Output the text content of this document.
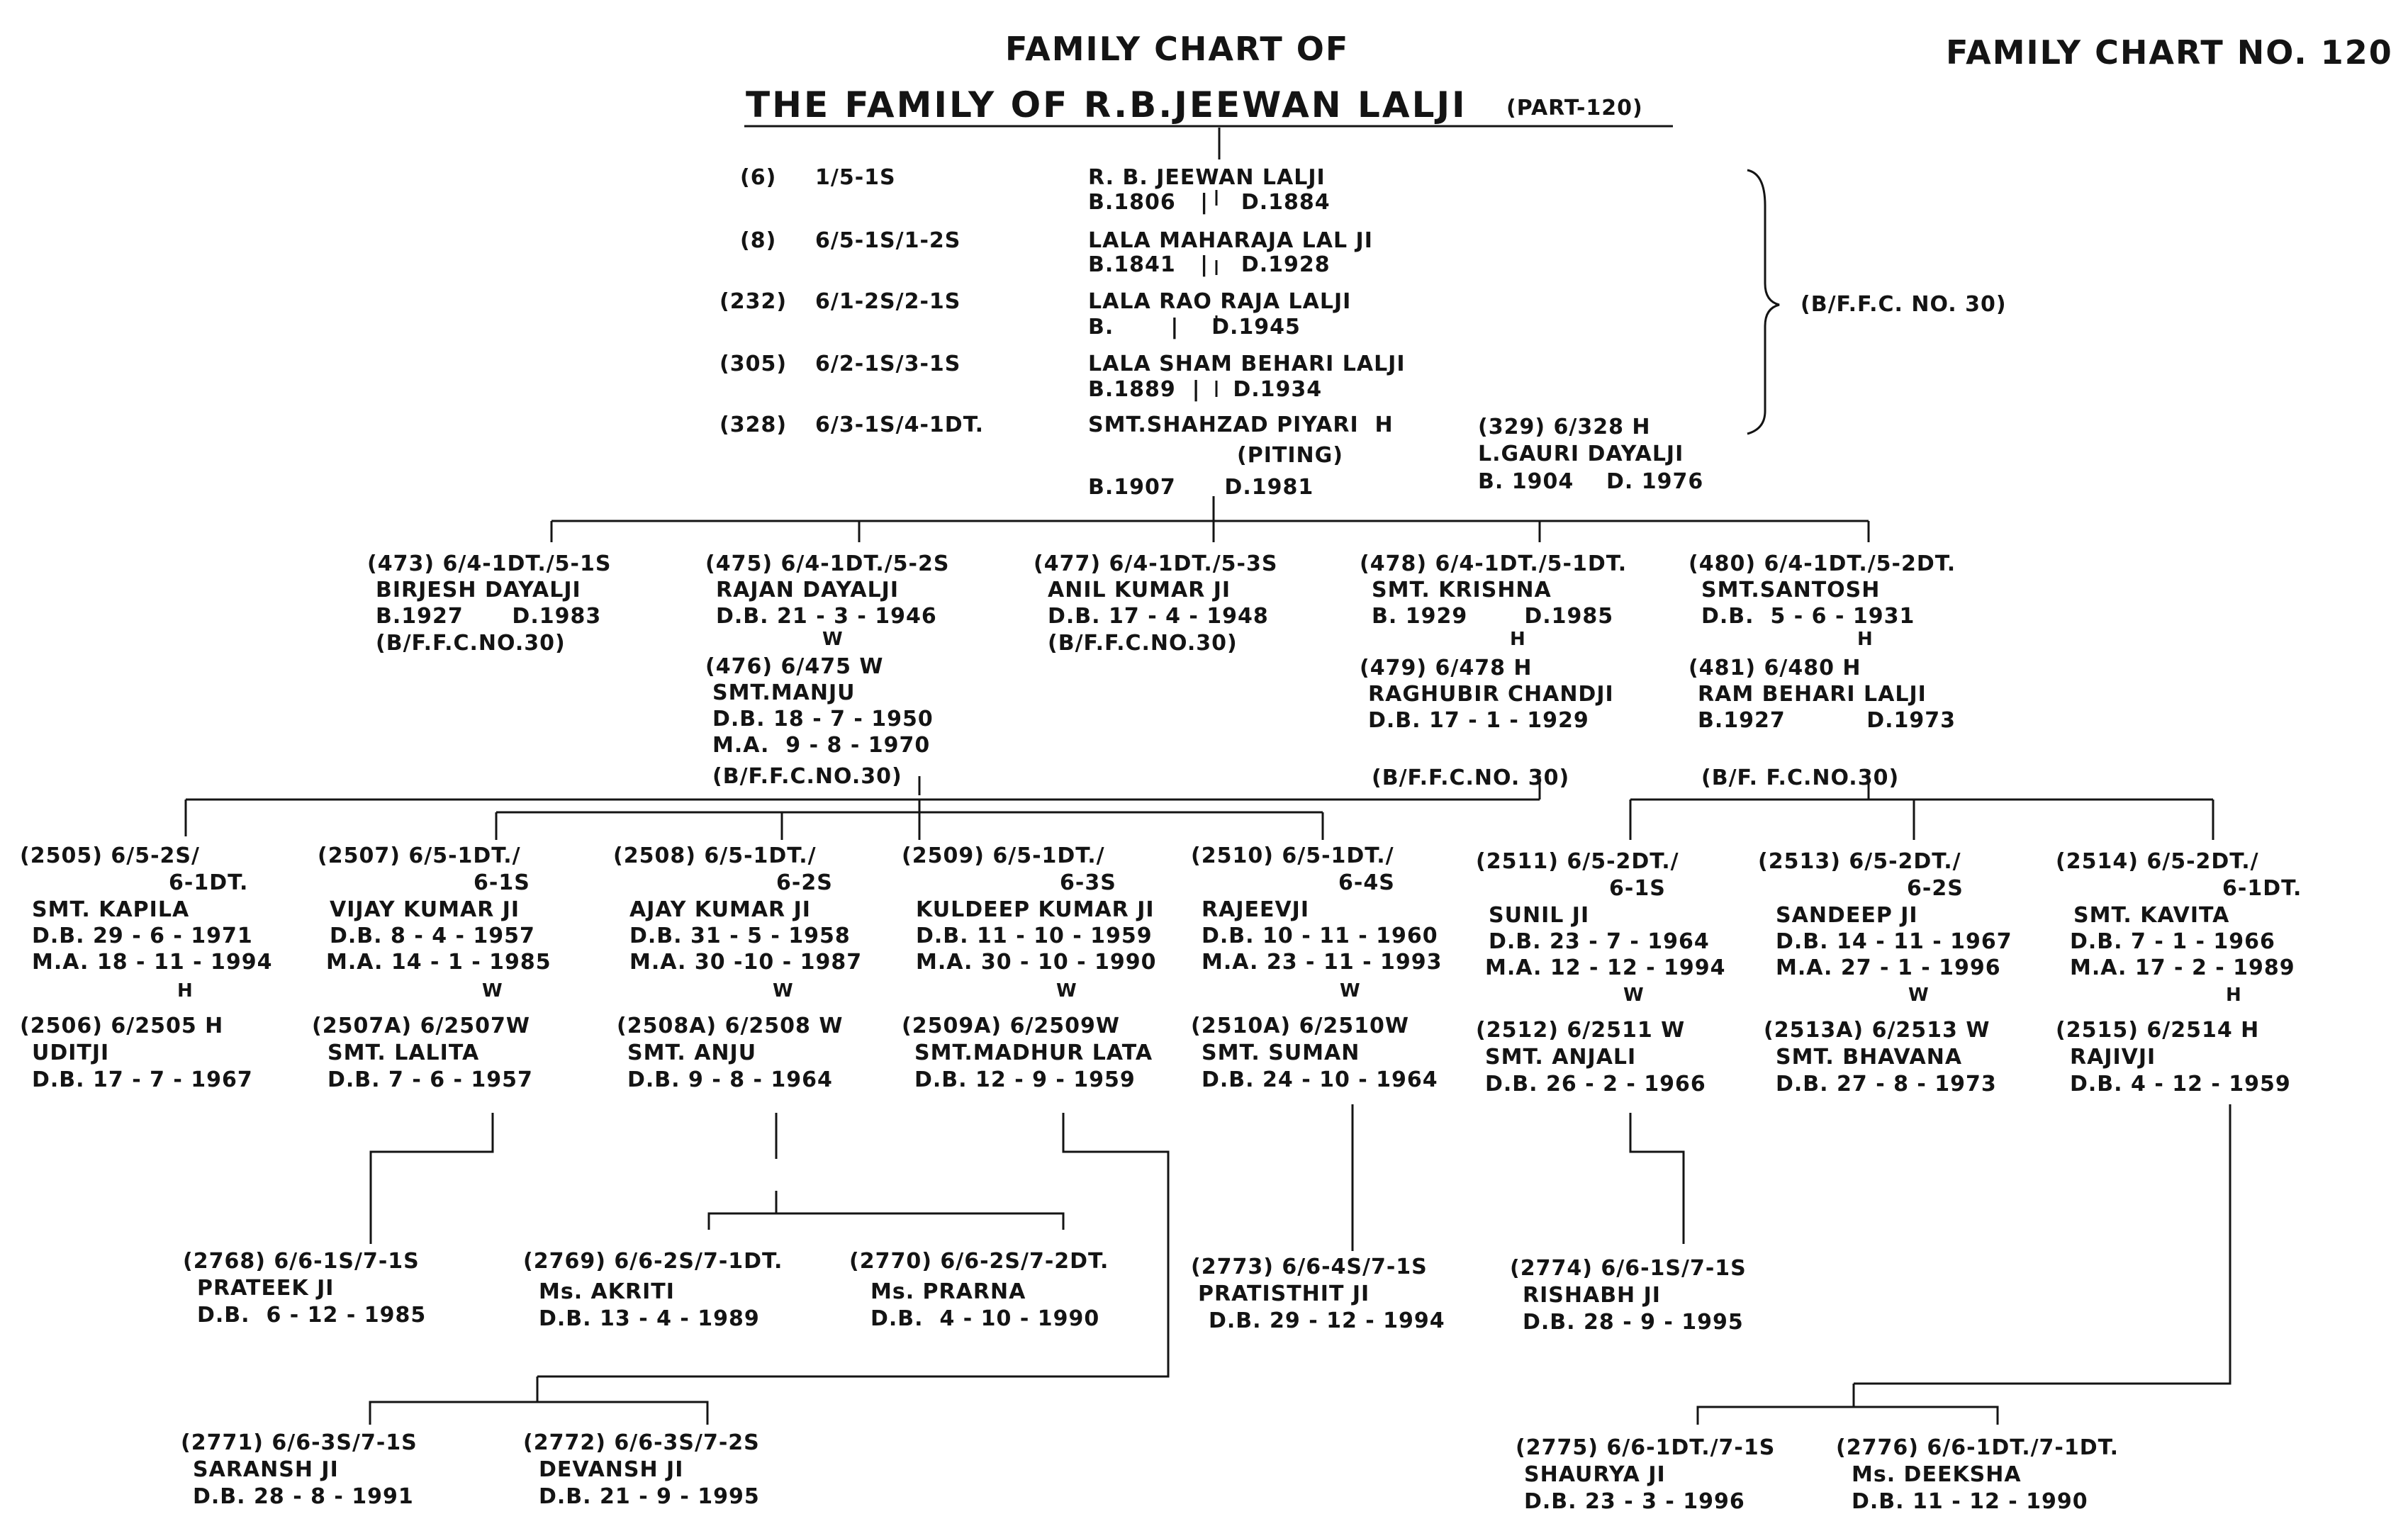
FAMILY CHART OF	FAMILY CHART NO. 120
THE FAMILY OF R.B.JEEWAN LALJI (PART-120)
(6) 1/5-1S	R. B. JEEWAN LALJI
B.1806   |    D.1884
(8) 6/5-1S/1-2S	LALA MAHARAJA LAL JI
B.1841   |    D.1928
(232) 6/1-2S/2-1S	LALA RAO RAJA LALJI
B.       |    D.1945
(305) 6/2-1S/3-1S	LALA SHAM BEHARI LALJI
B.1889  |    D.1934
(328) 6/3-1S/4-1DT.	SMT.SHAHZAD PIYARI  H
(PITING)
B.1907      D.1981
(329) 6/328 H
L.GAURI DAYALJI
B. 1904    D. 1976
(B/F.F.C. NO. 30)
(473) 6/4-1DT./5-1S
BIRJESH DAYALJI
B.1927      D.1983
(B/F.F.C.NO.30)
(475) 6/4-1DT./5-2S
RAJAN DAYALJI
D.B. 21 - 3 - 1946
W
(477) 6/4-1DT./5-3S
ANIL KUMAR JI
D.B. 17 - 4 - 1948
(B/F.F.C.NO.30)
(478) 6/4-1DT./5-1DT.
SMT. KRISHNA
B. 1929       D.1985
H
(480) 6/4-1DT./5-2DT.
SMT.SANTOSH
D.B.  5 - 6 - 1931
H
(476) 6/475 W
SMT.MANJU
D.B. 18 - 7 - 1950
M.A.  9 - 8 - 1970
(B/F.F.C.NO.30)
(479) 6/478 H
RAGHUBIR CHANDJI
D.B. 17 - 1 - 1929
(B/F.F.C.NO. 30)
(481) 6/480 H
RAM BEHARI LALJI
B.1927          D.1973
(B/F. F.C.NO.30)
(2505) 6/5-2S/
6-1DT.
SMT. KAPILA
D.B. 29 - 6 - 1971
M.A. 18 - 11 - 1994
H
(2507) 6/5-1DT./
6-1S
VIJAY KUMAR JI
D.B. 8 - 4 - 1957
M.A. 14 - 1 - 1985
W
(2508) 6/5-1DT./
6-2S
AJAY KUMAR JI
D.B. 31 - 5 - 1958
M.A. 30 -10 - 1987
W
(2509) 6/5-1DT./
6-3S
KULDEEP KUMAR JI
D.B. 11 - 10 - 1959
M.A. 30 - 10 - 1990
W
(2510) 6/5-1DT./
6-4S
RAJEEVJI
D.B. 10 - 11 - 1960
M.A. 23 - 11 - 1993
W
(2511) 6/5-2DT./
6-1S
SUNIL JI
D.B. 23 - 7 - 1964
M.A. 12 - 12 - 1994
W
(2513) 6/5-2DT./
6-2S
SANDEEP JI
D.B. 14 - 11 - 1967
M.A. 27 - 1 - 1996
W
(2514) 6/5-2DT./
6-1DT.
SMT. KAVITA
D.B. 7 - 1 - 1966
M.A. 17 - 2 - 1989
H
(2506) 6/2505 H
UDITJI
D.B. 17 - 7 - 1967
(2507A) 6/2507W
SMT. LALITA
D.B. 7 - 6 - 1957
(2508A) 6/2508 W
SMT. ANJU
D.B. 9 - 8 - 1964
(2509A) 6/2509W
SMT.MADHUR LATA
D.B. 12 - 9 - 1959
(2510A) 6/2510W
SMT. SUMAN
D.B. 24 - 10 - 1964
(2512) 6/2511 W
SMT. ANJALI
D.B. 26 - 2 - 1966
(2513A) 6/2513 W
SMT. BHAVANA
D.B. 27 - 8 - 1973
(2515) 6/2514 H
RAJIVJI
D.B. 4 - 12 - 1959
(2768) 6/6-1S/7-1S
PRATEEK JI
D.B.  6 - 12 - 1985
(2769) 6/6-2S/7-1DT.
Ms. AKRITI
D.B. 13 - 4 - 1989
(2770) 6/6-2S/7-2DT.
Ms. PRARNA
D.B.  4 - 10 - 1990
(2773) 6/6-4S/7-1S
PRATISTHIT JI
D.B. 29 - 12 - 1994
(2774) 6/6-1S/7-1S
RISHABH JI
D.B. 28 - 9 - 1995
(2771) 6/6-3S/7-1S
SARANSH JI
D.B. 28 - 8 - 1991
(2772) 6/6-3S/7-2S
DEVANSH JI
D.B. 21 - 9 - 1995
(2775) 6/6-1DT./7-1S
SHAURYA JI
D.B. 23 - 3 - 1996
(2776) 6/6-1DT./7-1DT.
Ms. DEEKSHA
D.B. 11 - 12 - 1990
